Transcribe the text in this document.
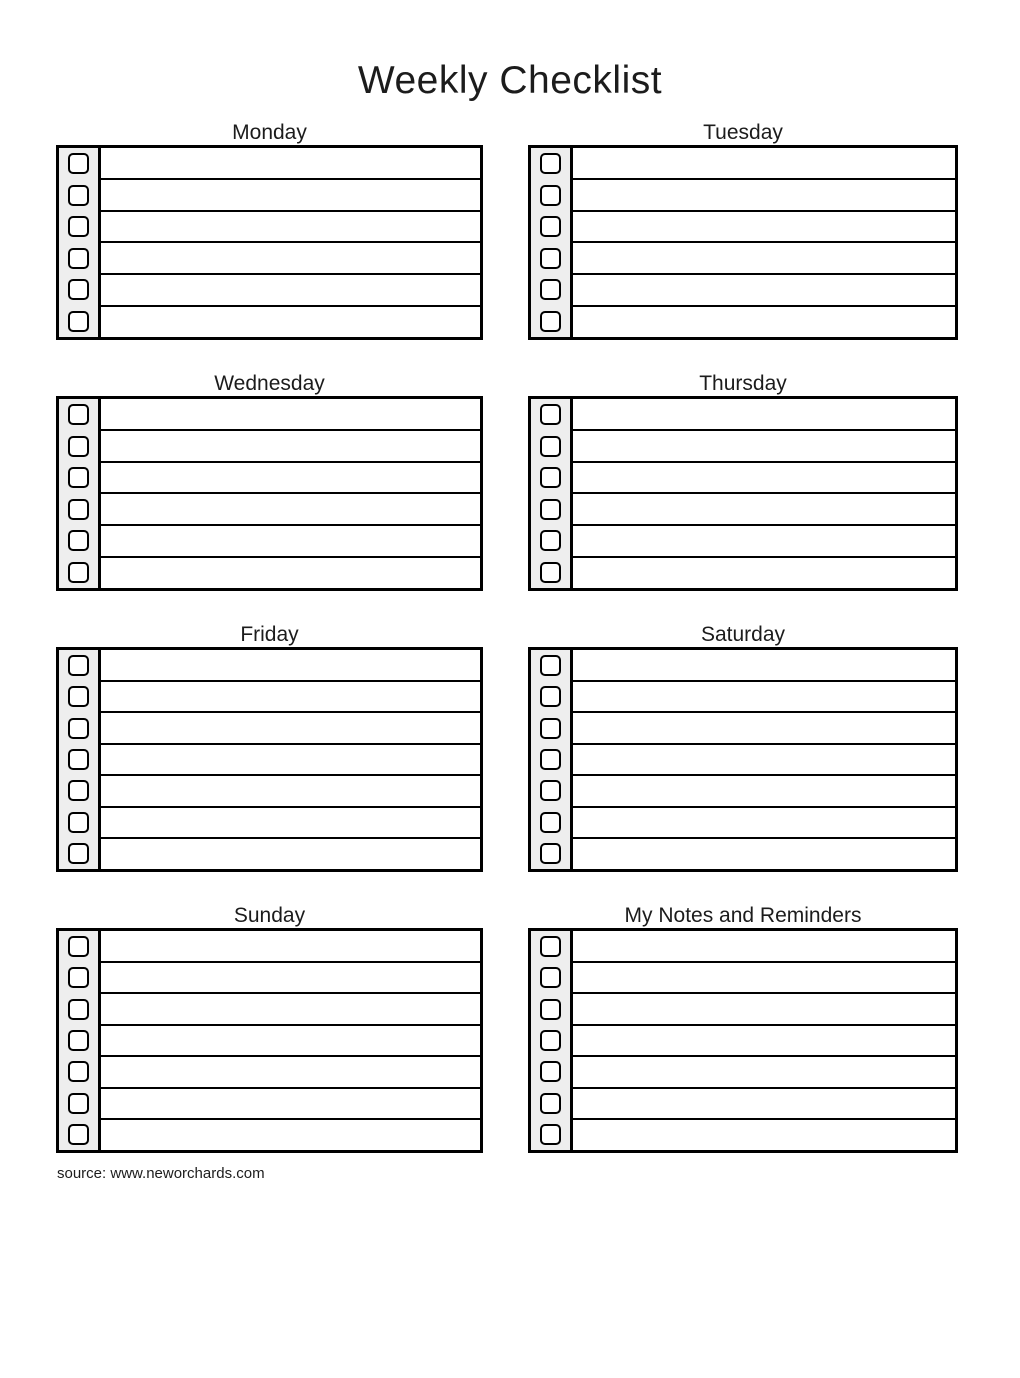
Weekly Checklist
Monday	Tuesday
Wednesday	Thursday
Friday	Saturday
Sunday	My Notes and Reminders
source: www.neworchards.com
